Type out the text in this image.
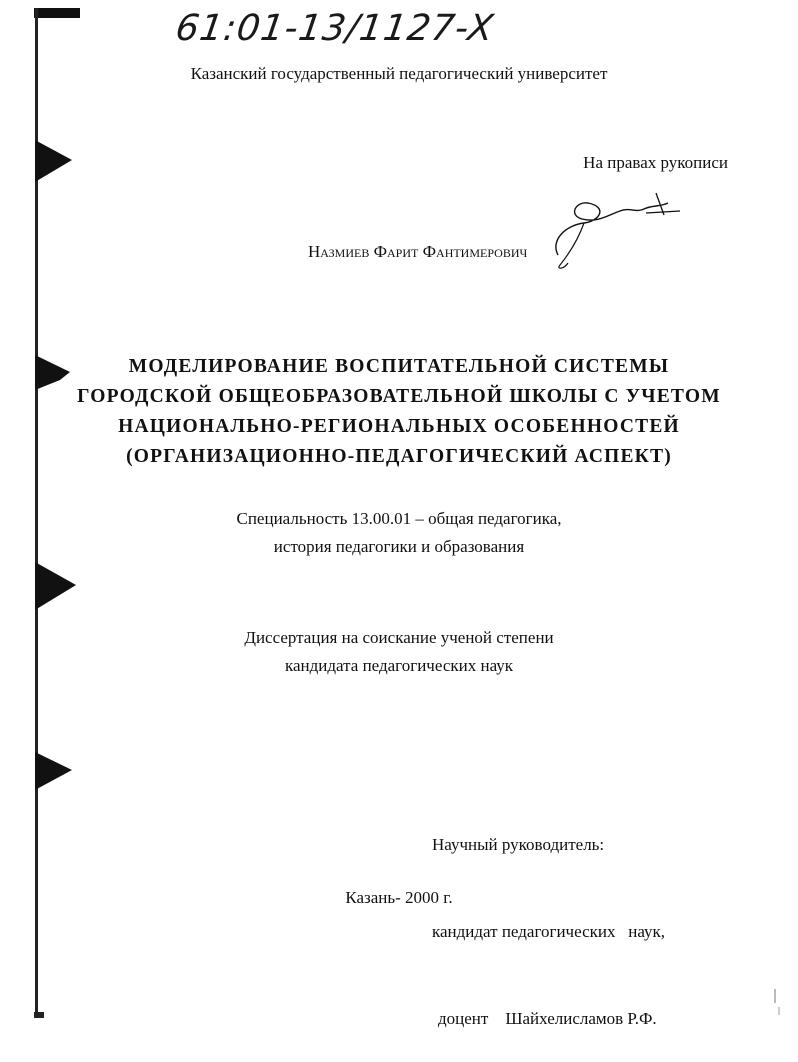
61:01-13/1127-X
Казанский государственный педагогический университет
На правах рукописи
Назмиев Фарит Фантимерович
МОДЕЛИРОВАНИЕ ВОСПИТАТЕЛЬНОЙ СИСТЕМЫ
ГОРОДСКОЙ ОБЩЕОБРАЗОВАТЕЛЬНОЙ ШКОЛЫ С УЧЕТОМ
НАЦИОНАЛЬНО-РЕГИОНАЛЬНЫХ ОСОБЕННОСТЕЙ
(ОРГАНИЗАЦИОННО-ПЕДАГОГИЧЕСКИЙ АСПЕКТ)
Специальность 13.00.01 – общая педагогика,
история педагогики и образования
Диссертация на соискание ученой степени
кандидата педагогических наук

Научный руководитель:

кандидат педагогических   наук,

доцент    Шайхелисламов Р.Ф.

Казань- 2000 г.
